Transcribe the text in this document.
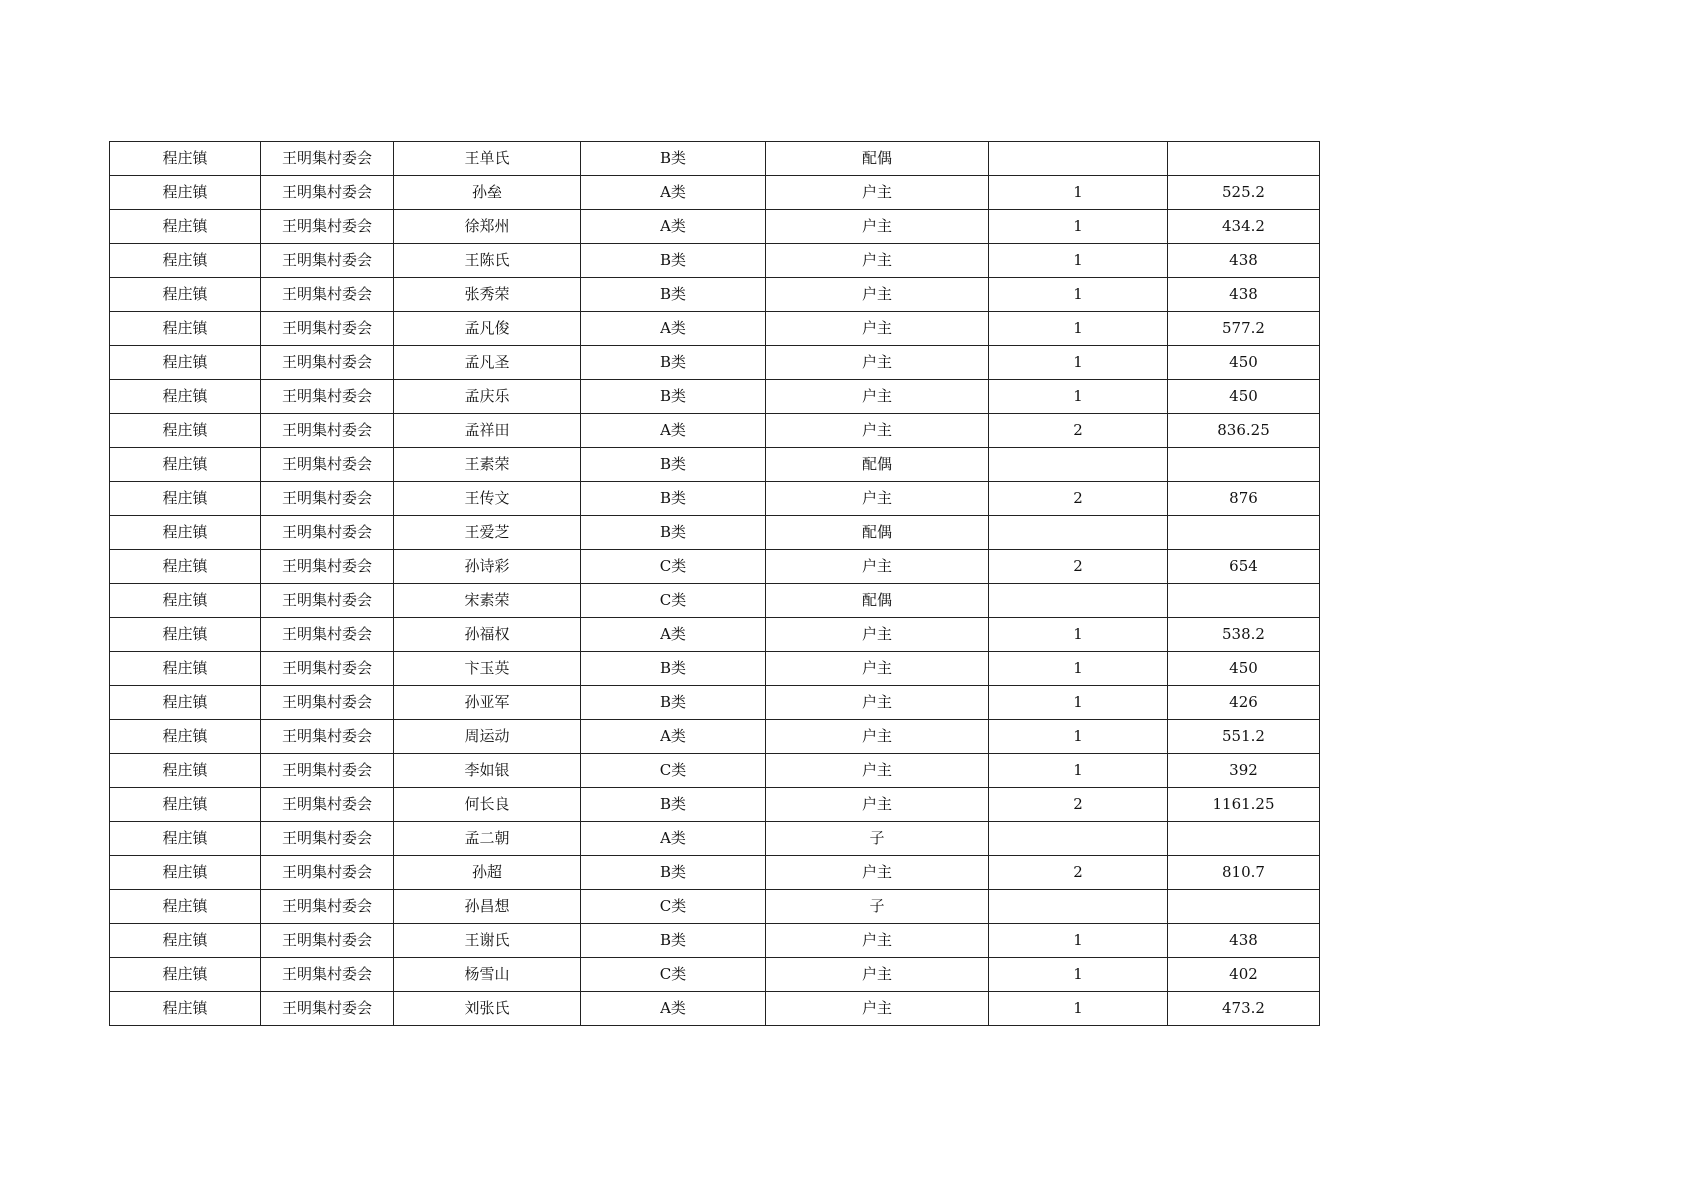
程庄镇	王明集村委会	王单氏	B类	配偶		
程庄镇	王明集村委会	孙垒	A类	户主	1	525.2
程庄镇	王明集村委会	徐郑州	A类	户主	1	434.2
程庄镇	王明集村委会	王陈氏	B类	户主	1	438
程庄镇	王明集村委会	张秀荣	B类	户主	1	438
程庄镇	王明集村委会	孟凡俊	A类	户主	1	577.2
程庄镇	王明集村委会	孟凡圣	B类	户主	1	450
程庄镇	王明集村委会	孟庆乐	B类	户主	1	450
程庄镇	王明集村委会	孟祥田	A类	户主	2	836.25
程庄镇	王明集村委会	王素荣	B类	配偶		
程庄镇	王明集村委会	王传文	B类	户主	2	876
程庄镇	王明集村委会	王爱芝	B类	配偶		
程庄镇	王明集村委会	孙诗彩	C类	户主	2	654
程庄镇	王明集村委会	宋素荣	C类	配偶		
程庄镇	王明集村委会	孙福权	A类	户主	1	538.2
程庄镇	王明集村委会	卞玉英	B类	户主	1	450
程庄镇	王明集村委会	孙亚军	B类	户主	1	426
程庄镇	王明集村委会	周运动	A类	户主	1	551.2
程庄镇	王明集村委会	李如银	C类	户主	1	392
程庄镇	王明集村委会	何长良	B类	户主	2	1161.25
程庄镇	王明集村委会	孟二朝	A类	子		
程庄镇	王明集村委会	孙超	B类	户主	2	810.7
程庄镇	王明集村委会	孙昌想	C类	子		
程庄镇	王明集村委会	王谢氏	B类	户主	1	438
程庄镇	王明集村委会	杨雪山	C类	户主	1	402
程庄镇	王明集村委会	刘张氏	A类	户主	1	473.2
